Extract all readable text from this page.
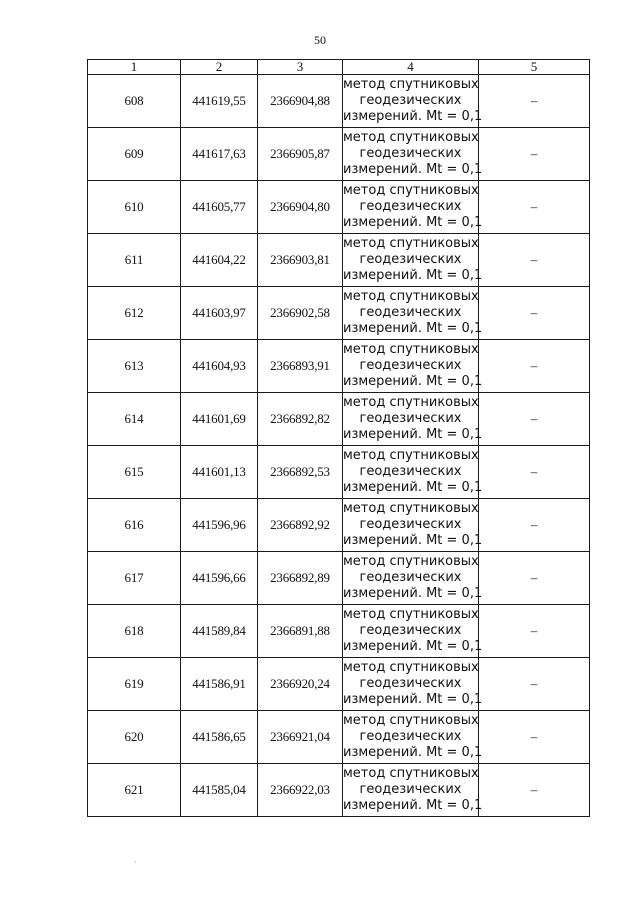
50
1	2	3	4	5
608	441619,55	2366904,88	метод спутниковых
геодезических
измерений. Mt = 0,1	–
609	441617,63	2366905,87	метод спутниковых
геодезических
измерений. Mt = 0,1	–
610	441605,77	2366904,80	метод спутниковых
геодезических
измерений. Mt = 0,1	–
611	441604,22	2366903,81	метод спутниковых
геодезических
измерений. Mt = 0,1	–
612	441603,97	2366902,58	метод спутниковых
геодезических
измерений. Mt = 0,1	–
613	441604,93	2366893,91	метод спутниковых
геодезических
измерений. Mt = 0,1	–
614	441601,69	2366892,82	метод спутниковых
геодезических
измерений. Mt = 0,1	–
615	441601,13	2366892,53	метод спутниковых
геодезических
измерений. Mt = 0,1	–
616	441596,96	2366892,92	метод спутниковых
геодезических
измерений. Mt = 0,1	–
617	441596,66	2366892,89	метод спутниковых
геодезических
измерений. Mt = 0,1	–
618	441589,84	2366891,88	метод спутниковых
геодезических
измерений. Mt = 0,1	–
619	441586,91	2366920,24	метод спутниковых
геодезических
измерений. Mt = 0,1	–
620	441586,65	2366921,04	метод спутниковых
геодезических
измерений. Mt = 0,1	–
621	441585,04	2366922,03	метод спутниковых
геодезических
измерений. Mt = 0,1	–
·
